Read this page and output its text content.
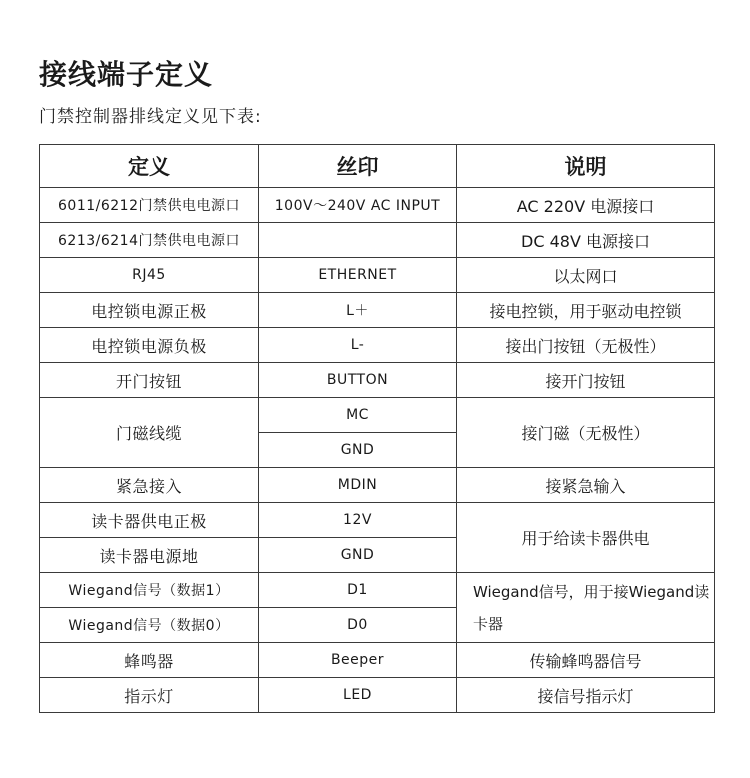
接线端子定义
门禁控制器排线定义见下表:
定义	丝印	说明
6011/6212门禁供电电源口	100V～240V AC INPUT	AC 220V 电源接口
6213/6214门禁供电电源口		DC 48V 电源接口
RJ45	ETHERNET	以太网口
电控锁电源正极	L＋	接电控锁，用于驱动电控锁
电控锁电源负极	L-	接出门按钮（无极性）
开门按钮	BUTTON	接开门按钮
门磁线缆	MC	接门磁（无极性）
	GND	
紧急接入	MDIN	接紧急输入
读卡器供电正极	12V	用于给读卡器供电
读卡器电源地	GND	
Wiegand信号（数据1）	D1	Wiegand信号，用于接Wiegand读卡器
Wiegand信号（数据0）	D0	
蜂鸣器	Beeper	传输蜂鸣器信号
指示灯	LED	接信号指示灯
